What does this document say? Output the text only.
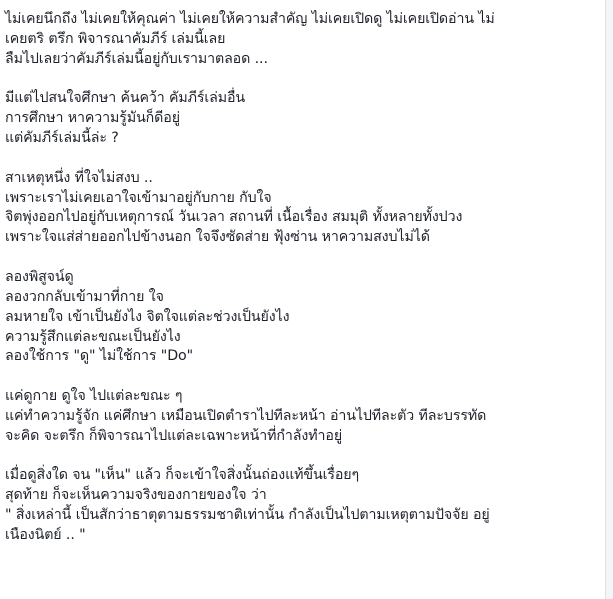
ไม่เคยนึกถึง ไม่เคยให้คุณค่า ไม่เคยให้ความสำคัญ ไม่เคยเปิดดู ไม่เคยเปิดอ่าน ไม่
เคยตริ ตรึก พิจารณาคัมภีร์ เล่มนี้เลย
ลืมไปเลยว่าคัมภีร์เล่มนี้อยู่กับเรามาตลอด ...
มีแต่ไปสนใจศึกษา ค้นคว้า คัมภีร์เล่มอื่น
การศึกษา หาความรู้มันก็ดีอยู่
แต่คัมภีร์เล่มนี้ล่ะ ?
สาเหตุหนึ่ง ที่ใจไม่สงบ ..
เพราะเราไม่เคยเอาใจเข้ามาอยู่กับกาย กับใจ
จิตพุ่งออกไปอยู่กับเหตุการณ์ วันเวลา สถานที่ เนื้อเรื่อง สมมุติ ทั้งหลายทั้งปวง
เพราะใจแส่ส่ายออกไปข้างนอก ใจจึงซัดส่าย ฟุ้งซ่าน หาความสงบไม่ได้
ลองพิสูจน์ดู
ลองวกกลับเข้ามาที่กาย ใจ
ลมหายใจ เข้าเป็นยังไง จิตใจแต่ละช่วงเป็นยังไง
ความรู้สึกแต่ละขณะเป็นยังไง
ลองใช้การ "ดู" ไม่ใช้การ "Do"
แค่ดูกาย ดูใจ ไปแต่ละขณะ ๆ
แค่ทำความรู้จัก แค่ศึกษา เหมือนเปิดตำราไปทีละหน้า อ่านไปทีละตัว ทีละบรรทัด
จะคิด จะตรึก ก็พิจารณาไปแต่ละเฉพาะหน้าที่กำลังทำอยู่
เมื่อดูสิ่งใด จน "เห็น" แล้ว ก็จะเข้าใจสิ่งนั้นถ่องแท้ขึ้นเรื่อยๆ
สุดท้าย ก็จะเห็นความจริงของกายของใจ ว่า
" สิ่งเหล่านี้ เป็นสักว่าธาตุตามธรรมชาติเท่านั้น กำลังเป็นไปตามเหตุตามปัจจัย อยู่
เนืองนิตย์ .. "
